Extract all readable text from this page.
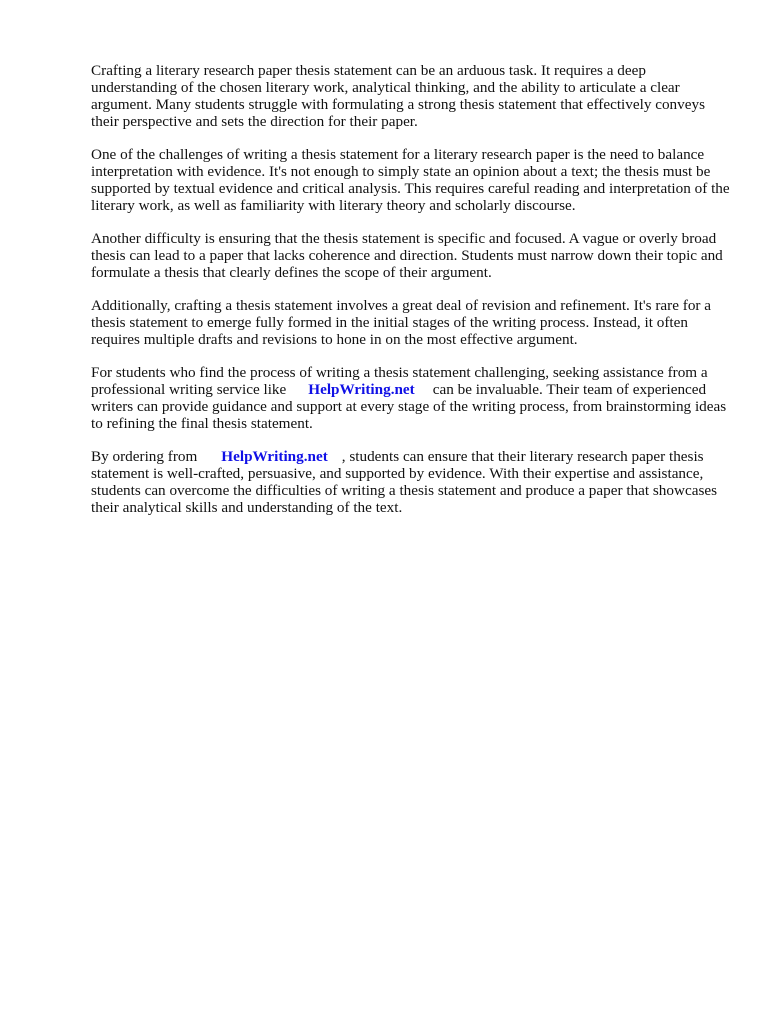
Crafting a literary research paper thesis statement can be an arduous task. It requires a deep understanding of the chosen literary work, analytical thinking, and the ability to articulate a clear argument. Many students struggle with formulating a strong thesis statement that effectively conveys their perspective and sets the direction for their paper.

One of the challenges of writing a thesis statement for a literary research paper is the need to balance interpretation with evidence. It's not enough to simply state an opinion about a text; the thesis must be supported by textual evidence and critical analysis. This requires careful reading and interpretation of the literary work, as well as familiarity with literary theory and scholarly discourse.

Another difficulty is ensuring that the thesis statement is specific and focused. A vague or overly broad thesis can lead to a paper that lacks coherence and direction. Students must narrow down their topic and formulate a thesis that clearly defines the scope of their argument.

Additionally, crafting a thesis statement involves a great deal of revision and refinement. It's rare for a thesis statement to emerge fully formed in the initial stages of the writing process. Instead, it often requires multiple drafts and revisions to hone in on the most effective argument.

For students who find the process of writing a thesis statement challenging, seeking assistance from a professional writing service like HelpWriting.net can be invaluable. Their team of experienced writers can provide guidance and support at every stage of the writing process, from brainstorming ideas to refining the final thesis statement.

By ordering from HelpWriting.net , students can ensure that their literary research paper thesis statement is well-crafted, persuasive, and supported by evidence. With their expertise and assistance, students can overcome the difficulties of writing a thesis statement and produce a paper that showcases their analytical skills and understanding of the text.
